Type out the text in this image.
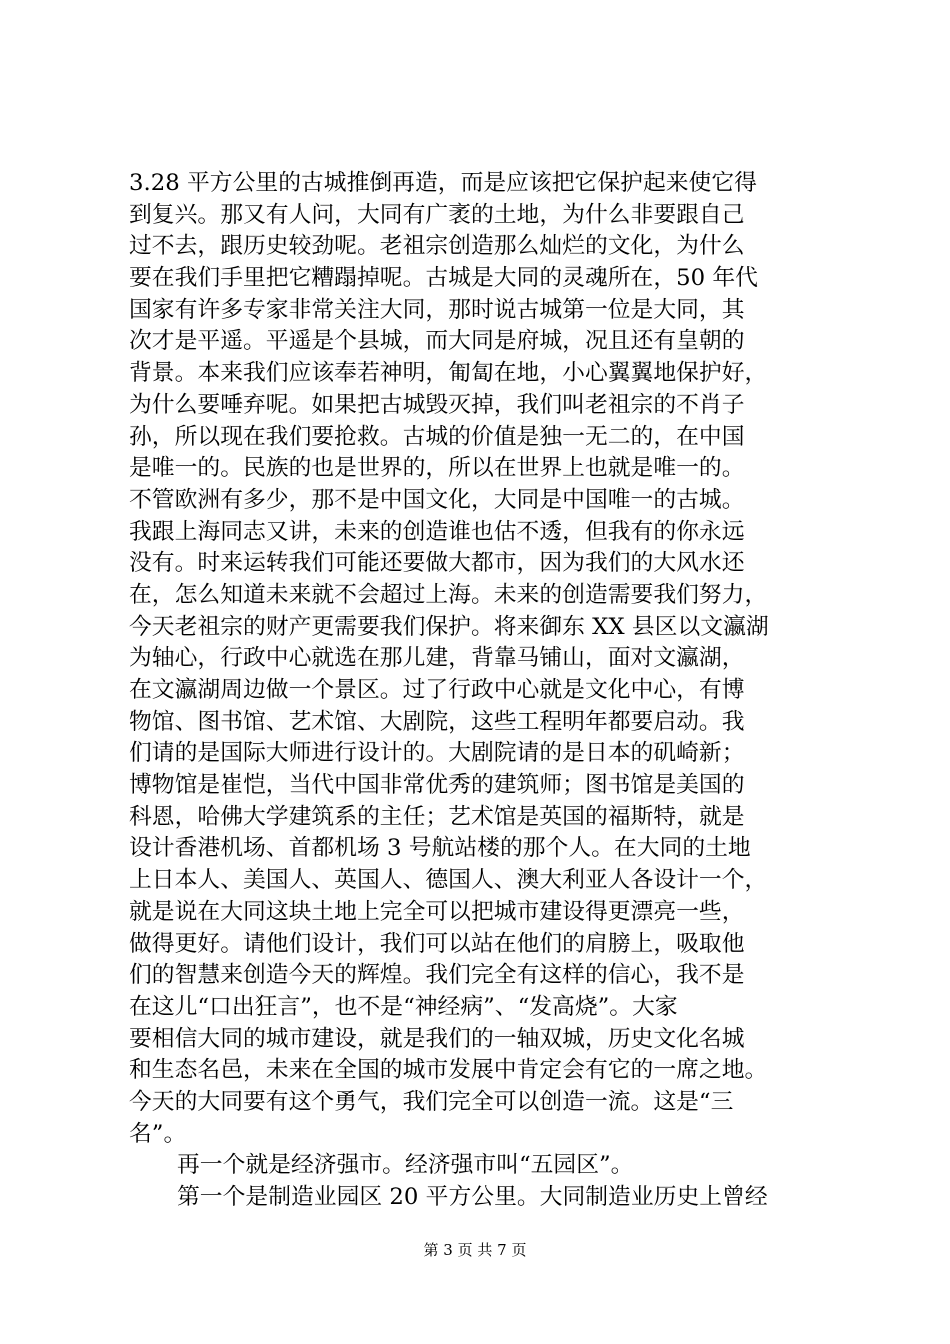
3.28 平方公里的古城推倒再造，而是应该把它保护起来使它得
到复兴。那又有人问，大同有广袤的土地，为什么非要跟自己
过不去，跟历史较劲呢。老祖宗创造那么灿烂的文化，为什么
要在我们手里把它糟蹋掉呢。古城是大同的灵魂所在，50 年代
国家有许多专家非常关注大同，那时说古城第一位是大同，其
次才是平遥。平遥是个县城，而大同是府城，况且还有皇朝的
背景。本来我们应该奉若神明，匍匐在地，小心翼翼地保护好，
为什么要唾弃呢。如果把古城毁灭掉，我们叫老祖宗的不肖子
孙，所以现在我们要抢救。古城的价值是独一无二的，在中国
是唯一的。民族的也是世界的，所以在世界上也就是唯一的。
不管欧洲有多少，那不是中国文化，大同是中国唯一的古城。
我跟上海同志又讲，未来的创造谁也估不透，但我有的你永远
没有。时来运转我们可能还要做大都市，因为我们的大风水还
在，怎么知道未来就不会超过上海。未来的创造需要我们努力，
今天老祖宗的财产更需要我们保护。将来御东 XX 县区以文瀛湖
为轴心，行政中心就选在那儿建，背靠马铺山，面对文瀛湖，
在文瀛湖周边做一个景区。过了行政中心就是文化中心，有博
物馆、图书馆、艺术馆、大剧院，这些工程明年都要启动。我
们请的是国际大师进行设计的。大剧院请的是日本的矶崎新；
博物馆是崔恺，当代中国非常优秀的建筑师；图书馆是美国的
科恩，哈佛大学建筑系的主任；艺术馆是英国的福斯特，就是
设计香港机场、首都机场 3 号航站楼的那个人。在大同的土地
上日本人、美国人、英国人、德国人、澳大利亚人各设计一个，
就是说在大同这块土地上完全可以把城市建设得更漂亮一些，
做得更好。请他们设计，我们可以站在他们的肩膀上，吸取他
们的智慧来创造今天的辉煌。我们完全有这样的信心，我不是
在这儿“口出狂言”，也不是“神经病”、“发高烧”。大家
要相信大同的城市建设，就是我们的一轴双城，历史文化名城
和生态名邑，未来在全国的城市发展中肯定会有它的一席之地。
今天的大同要有这个勇气，我们完全可以创造一流。这是“三
名”。
再一个就是经济强市。经济强市叫“五园区”。
第一个是制造业园区 20 平方公里。大同制造业历史上曾经
第 3 页 共 7 页
